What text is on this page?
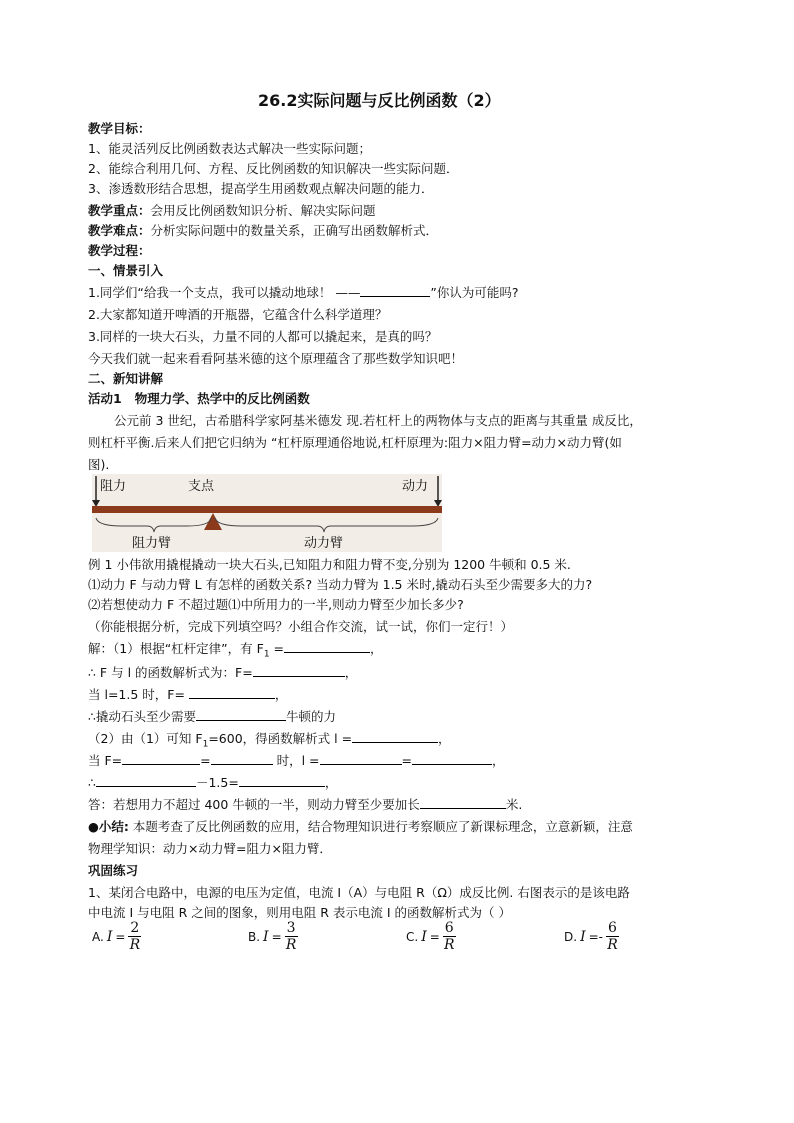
26.2实际问题与反比例函数（2）
教学目标：
1、能灵活列反比例函数表达式解决一些实际问题；
2、能综合利用几何、方程、反比例函数的知识解决一些实际问题．
3、渗透数形结合思想，提高学生用函数观点解决问题的能力．
教学重点：会用反比例函数知识分析、解决实际问题
教学难点：分析实际问题中的数量关系，正确写出函数解析式．
教学过程：
一、情景引入
1.同学们“给我一个支点，我可以撬动地球！ ——	”你认为可能吗?
2.大家都知道开啤酒的开瓶器，它蕴含什么科学道理？
3.同样的一块大石头，力量不同的人都可以撬起来，是真的吗？
今天我们就一起来看看阿基米德的这个原理蕴含了那些数学知识吧！
二、新知讲解
活动1 物理力学、热学中的反比例函数
公元前 3 世纪，古希腊科学家阿基米德发 现.若杠杆上的两物体与支点的距离与其重量 成反比，
则杠杆平衡.后来人们把它归纳为 “杠杆原理通俗地说,杠杆原理为:阻力×阻力臂=动力×动力臂(如
图).
阻力	支点	动力
阻力臂	动力臂
例 1 小伟欲用撬棍撬动一块大石头,已知阻力和阻力臂不变,分别为 1200 牛顿和 0.5 米.
⑴动力 F 与动力臂 L 有怎样的函数关系? 当动力臂为 1.5 米时,撬动石头至少需要多大的力?
⑵若想使动力 F 不超过题⑴中所用力的一半,则动力臂至少加长多少?
（你能根据分析，完成下列填空吗？小组合作交流，试一试，你们一定行！）
解：（1）根据“杠杆定律”，有 $F_1$ =	，
∴ F 与 l 的函数解析式为：F=	，
当 l=1.5 时，F=	，
∴撬动石头至少需要	牛顿的力
（2）由（1）可知 $F_1=600$，得函数解析式 l =	，
当 F=	=	时，l =	=	，
∴	－1.5=	，
答：若想用力不超过 400 牛顿的一半，则动力臂至少要加长	米.
●小结: 本题考查了反比例函数的应用，结合物理知识进行考察顺应了新课标理念，立意新颖，注意
物理学知识：动力×动力臂=阻力×阻力臂．
巩固练习
1、某闭合电路中，电源的电压为定值，电流 I（A）与电阻 R（Ω）成反比例. 右图表示的是该电路
中电流 I 与电阻 R 之间的图象，则用电阻 R 表示电流 I 的函数解析式为（ ）
A. $I = \frac{2}{R}$	B. $I = \frac{3}{R}$	C. $I = \frac{6}{R}$	D. I = - $\frac{6}{R}$
